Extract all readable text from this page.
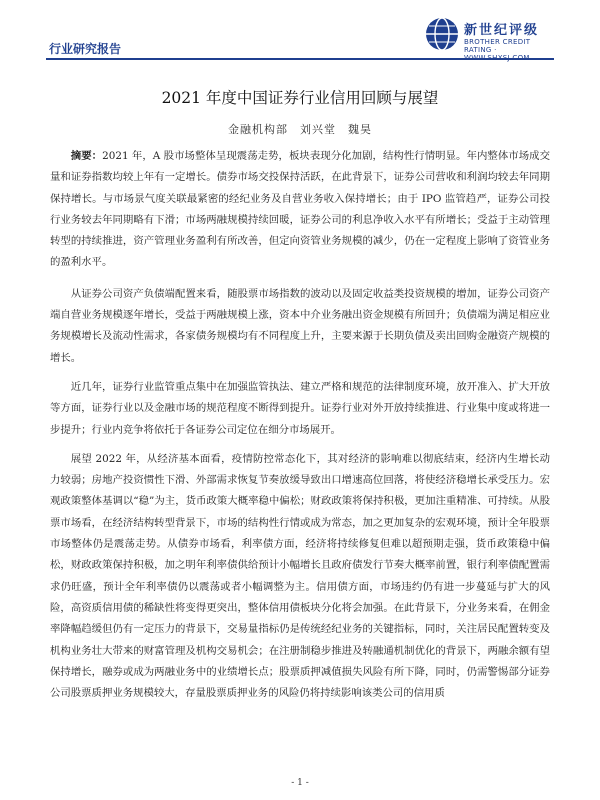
行业研究报告
新世纪评级
BROTHER CREDIT RATING ·
2021 年度中国证券行业信用回顾与展望
金融机构部　刘兴堂　魏昊

摘要：2021 年，A 股市场整体呈现震荡走势，板块表现分化加剧，结构性行情明显。年内整体市场成交量和证券指数均较上年有一定增长。债券市场交投保持活跃，在此背景下，证券公司营收和利润均较去年同期保持增长。与市场景气度关联最紧密的经纪业务及自营业务收入保持增长；由于 IPO 监管趋严，证券公司投行业务较去年同期略有下滑；市场两融规模持续回暖，证券公司的利息净收入水平有所增长；受益于主动管理转型的持续推进，资产管理业务盈利有所改善，但定向资管业务规模的减少，仍在一定程度上影响了资管业务的盈利水平。

从证券公司资产负债端配置来看，随股票市场指数的波动以及固定收益类投资规模的增加，证券公司资产端自营业务规模逐年增长，受益于两融规模上涨，资本中介业务融出资金规模有所回升；负债端为满足相应业务规模增长及流动性需求，各家债务规模均有不同程度上升，主要来源于长期负债及卖出回购金融资产规模的增长。

近几年，证券行业监管重点集中在加强监管执法、建立严格和规范的法律制度环境，放开准入、扩大开放等方面，证券行业以及金融市场的规范程度不断得到提升。证券行业对外开放持续推进、行业集中度或将进一步提升；行业内竞争将依托于各证券公司定位在细分市场展开。

展望 2022 年，从经济基本面看，疫情防控常态化下，其对经济的影响难以彻底结束，经济内生增长动力较弱；房地产投资惯性下滑、外部需求恢复节奏放缓导致出口增速高位回落，将使经济稳增长承受压力。宏观政策整体基调以“稳”为主，货币政策大概率稳中偏松；财政政策将保持积极，更加注重精准、可持续。从股票市场看，在经济结构转型背景下，市场的结构性行情或成为常态，加之更加复杂的宏观环境，预计全年股票市场整体仍是震荡走势。从债券市场看，利率债方面，经济将持续修复但难以超预期走强，货币政策稳中偏松，财政政策保持积极，加之明年利率债供给预计小幅增长且政府债发行节奏大概率前置，银行利率债配置需求仍旺盛，预计全年利率债仍以震荡或者小幅调整为主。信用债方面，市场违约仍有进一步蔓延与扩大的风险，高资质信用债的稀缺性将变得更突出，整体信用债板块分化将会加强。在此背景下，分业务来看，在佣金率降幅趋缓但仍有一定压力的背景下，交易量指标仍是传统经纪业务的关键指标，同时，关注居民配置转变及机构业务壮大带来的财富管理及机构交易机会；在注册制稳步推进及转融通机制优化的背景下，两融余额有望保持增长，融券或成为两融业务中的业绩增长点；股票质押减值损失风险有所下降，同时，仍需警惕部分证券公司股票质押业务规模较大，存量股票质押业务的风险仍将持续影响该类公司的信用质

- 1 -
